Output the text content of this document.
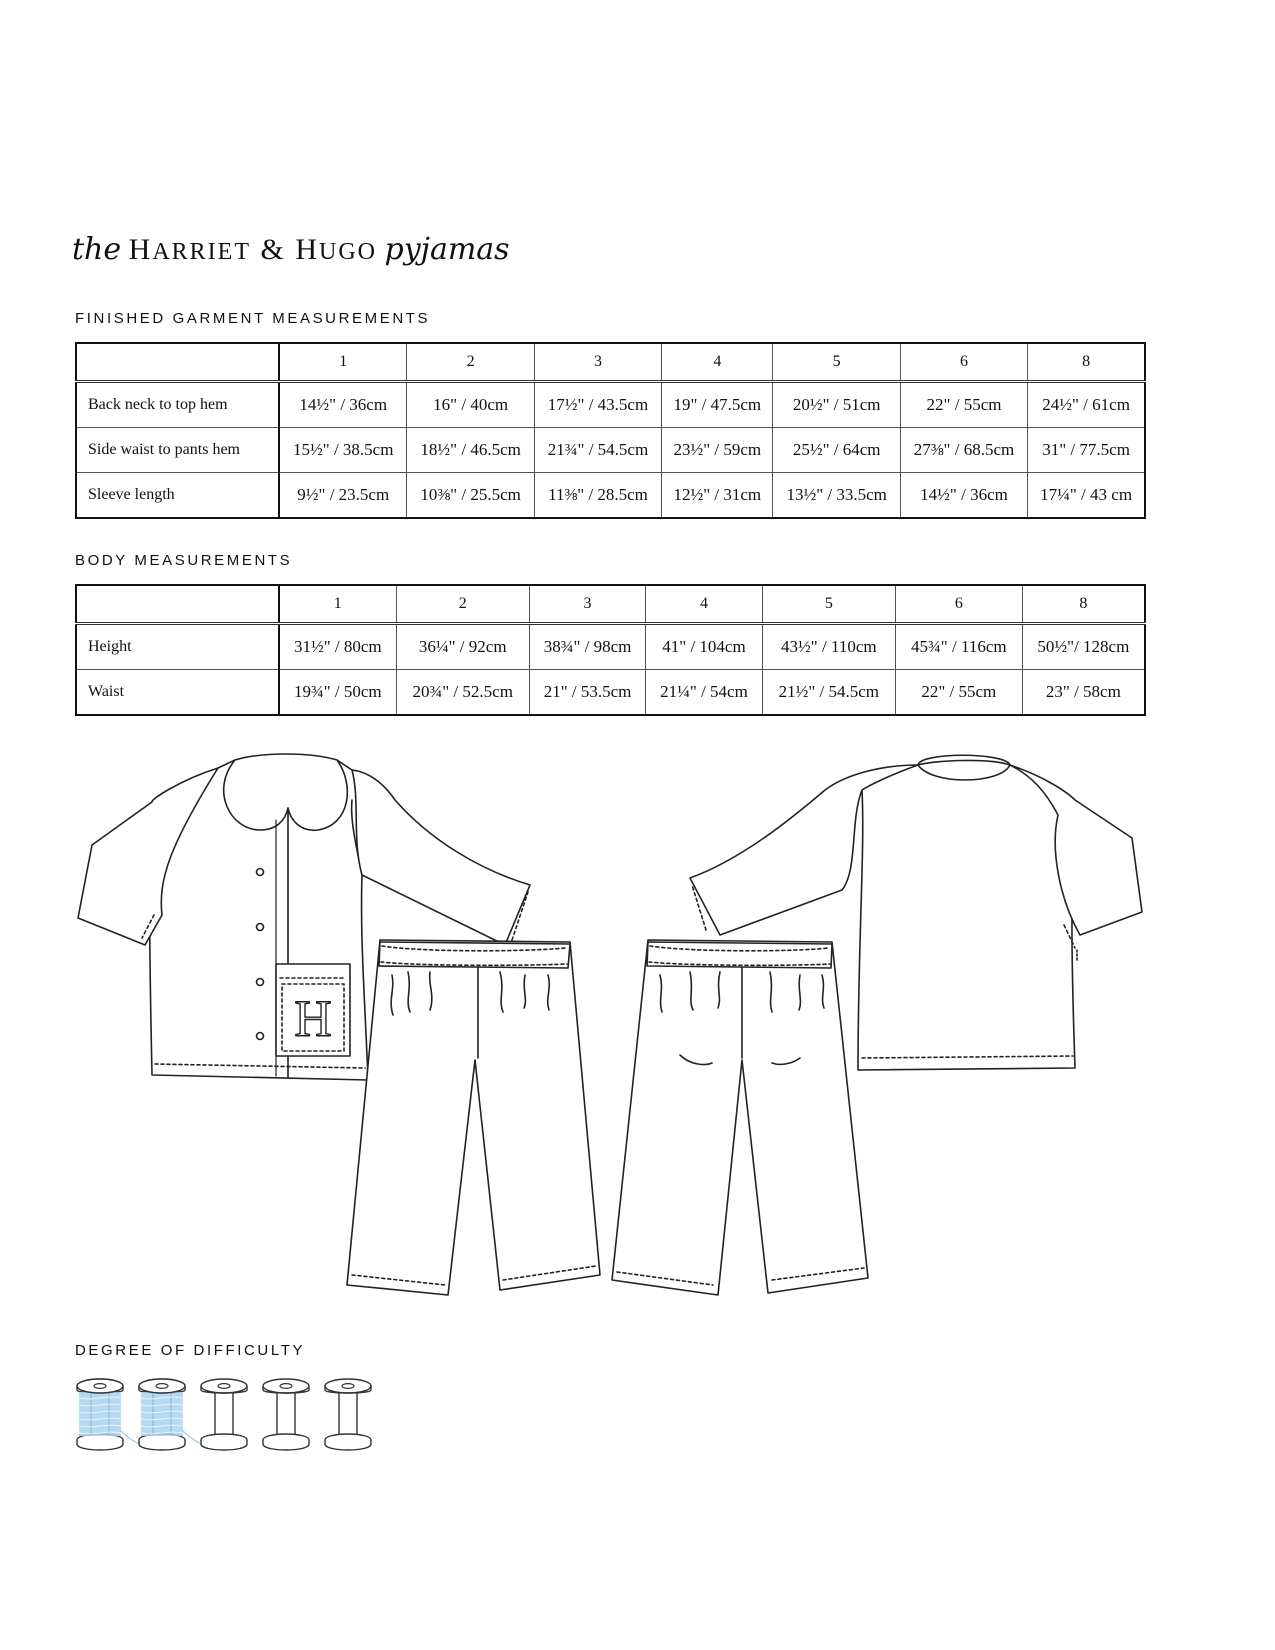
the HARRIET & HUGO pyjamas
FINISHED GARMENT MEASUREMENTS
	1	2	3	4	5	6	8
Back neck to top hem	14½" / 36cm	16" / 40cm	17½" / 43.5cm	19" / 47.5cm	20½" / 51cm	22" / 55cm	24½" / 61cm
Side waist to pants hem	15½" / 38.5cm	18½" / 46.5cm	21¾" / 54.5cm	23½" / 59cm	25½" / 64cm	27⅜" / 68.5cm	31" / 77.5cm
Sleeve length	9½" / 23.5cm	10⅜" / 25.5cm	11⅜" / 28.5cm	12½" / 31cm	13½" / 33.5cm	14½" / 36cm	17¼" / 43 cm
BODY MEASUREMENTS
	1	2	3	4	5	6	8
Height	31½" / 80cm	36¼" / 92cm	38¾" / 98cm	41" / 104cm	43½" / 110cm	45¾" / 116cm	50½"/ 128cm
Waist	19¾" / 50cm	20¾" / 52.5cm	21" / 53.5cm	21¼" / 54cm	21½" / 54.5cm	22" / 55cm	23" / 58cm
H
DEGREE OF DIFFICULTY
